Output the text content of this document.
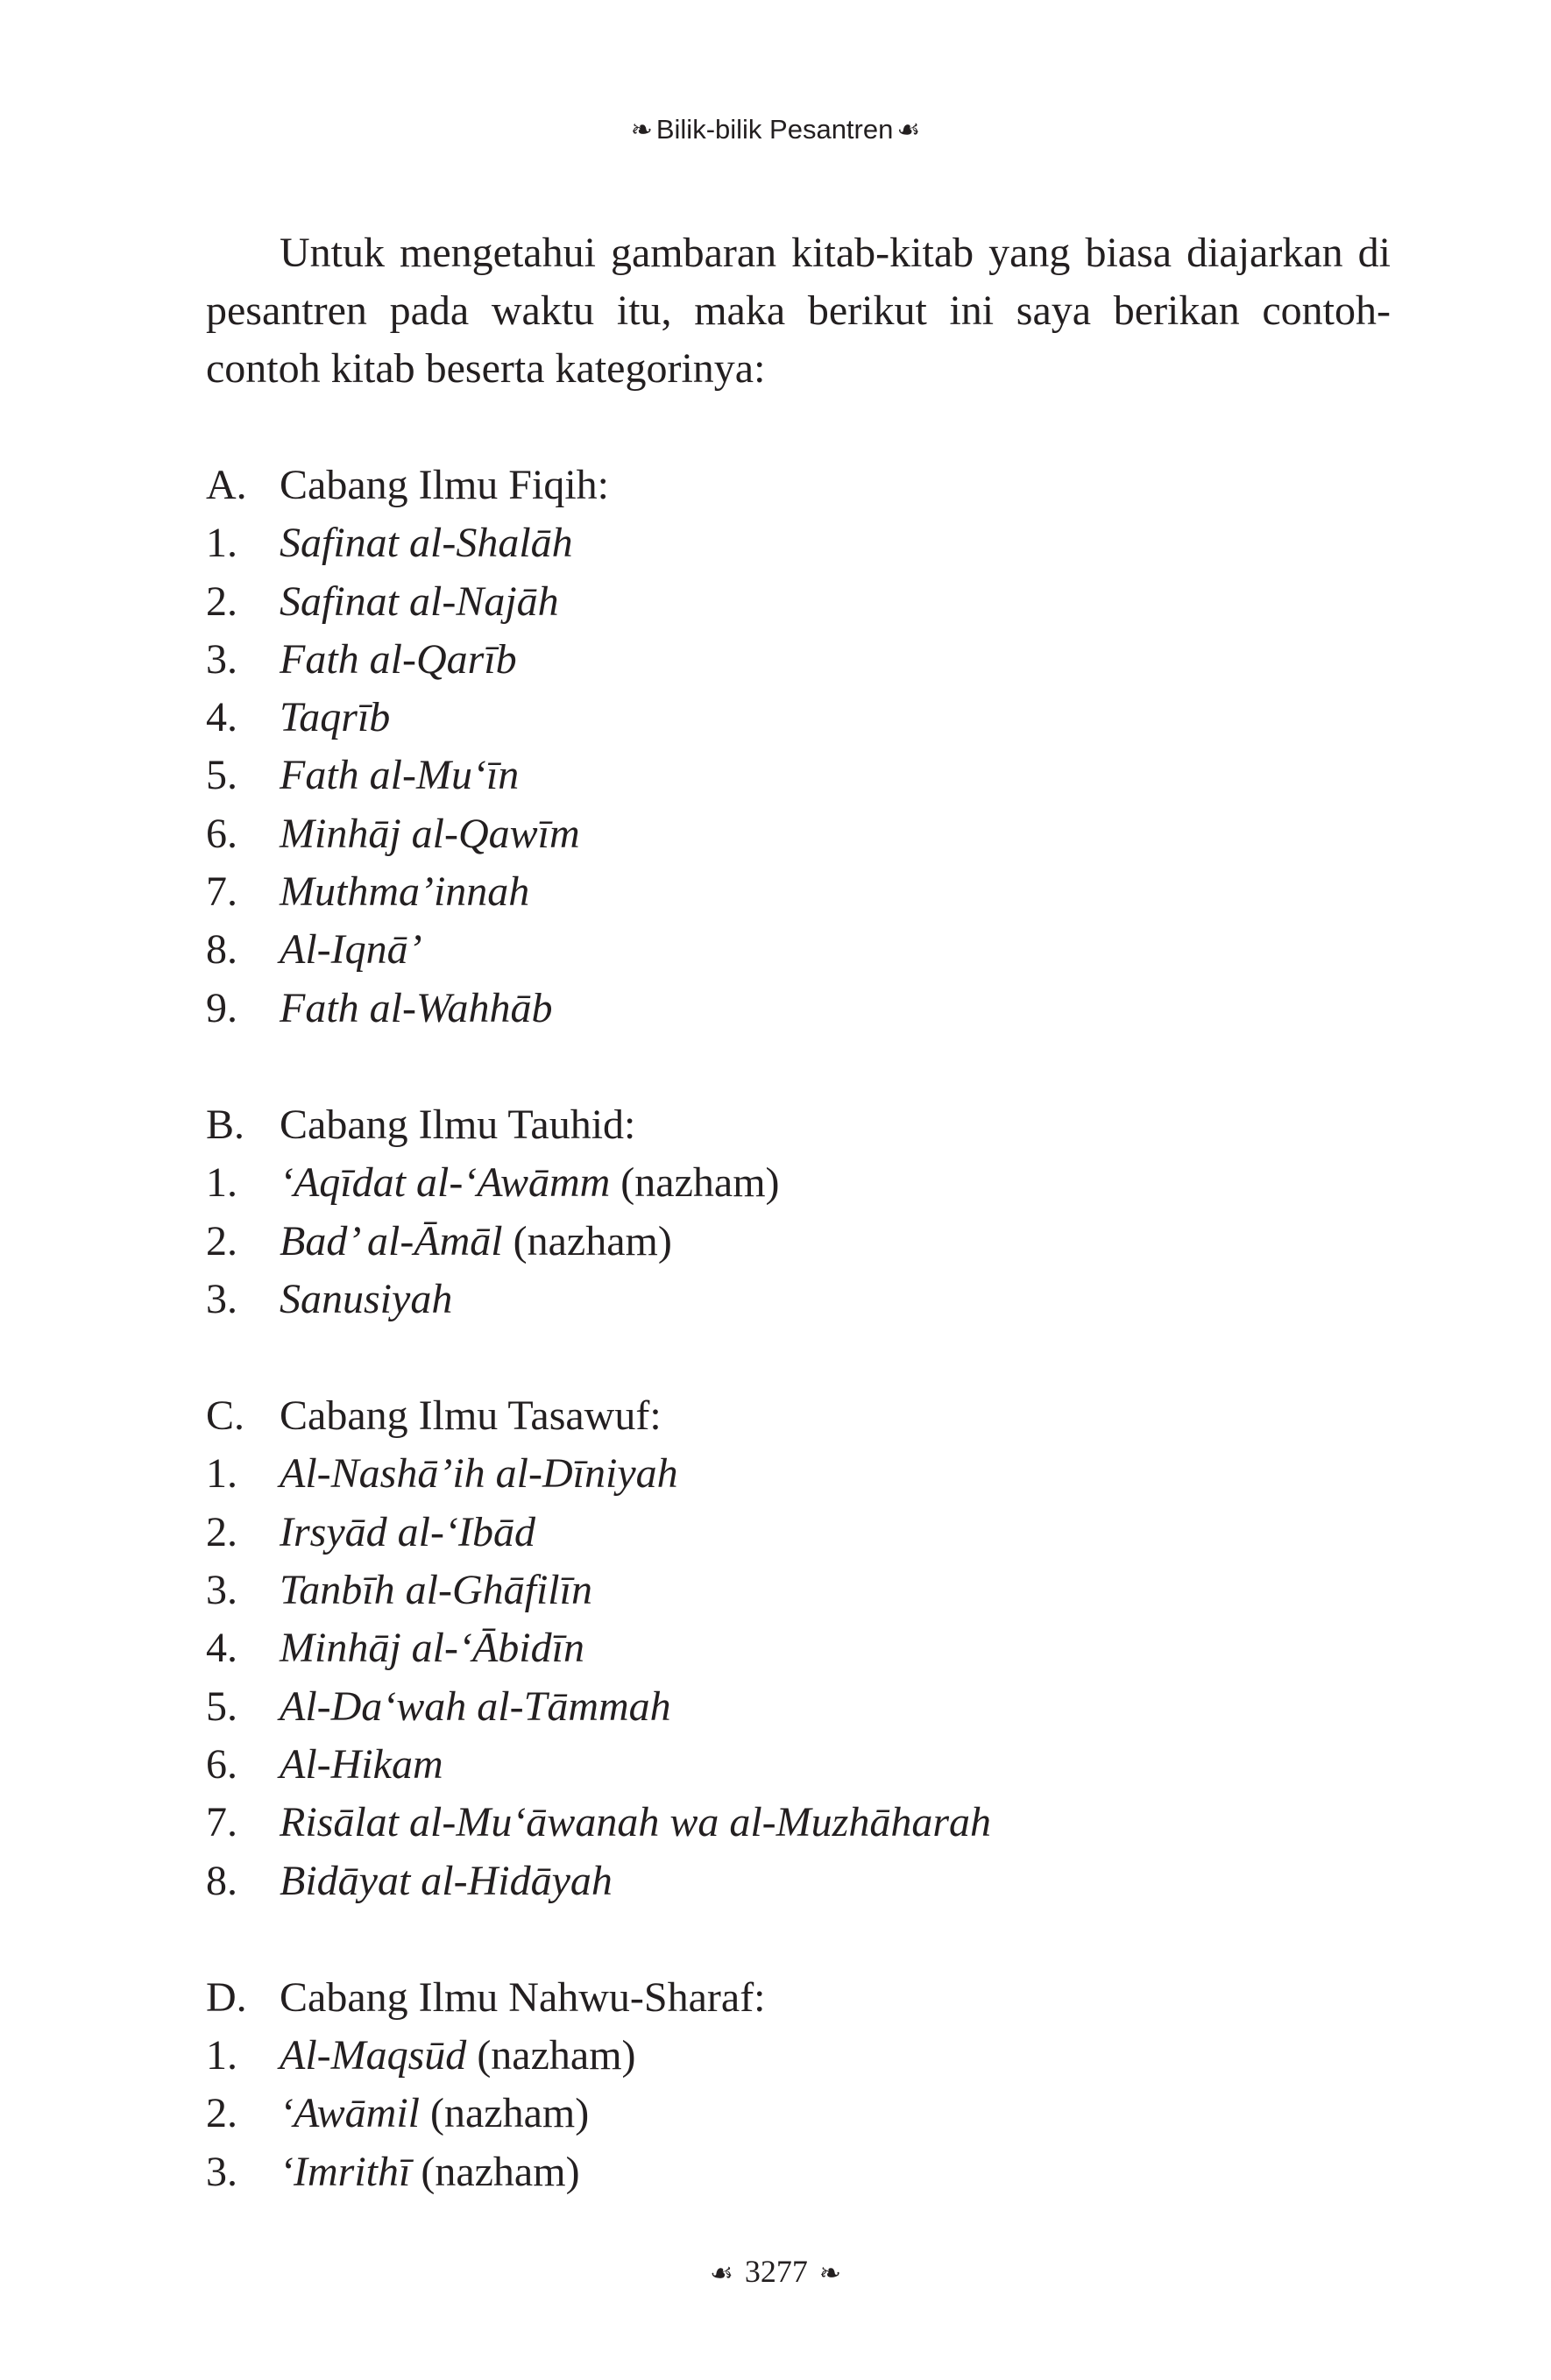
❧ Bilik-bilik Pesantren ☙

Untuk mengetahui gambaran kitab-kitab yang biasa diajarkan di pesantren pada waktu itu, maka berikut ini saya berikan contoh-contoh kitab beserta kategorinya:

A. Cabang Ilmu Fiqih:
1.	Safinat al-Shalāh
2.	Safinat al-Najāh
3.	Fath al-Qarīb
4.	Taqrīb
5.	Fath al-Mu‘īn
6.	Minhāj al-Qawīm
7.	Muthma’innah
8.	Al-Iqnā’
9.	Fath al-Wahhāb
B. Cabang Ilmu Tauhid:
1.	‘Aqīdat al-‘Awāmm (nazham)
2.	Bad’ al-Āmāl (nazham)
3.	Sanusiyah
C. Cabang Ilmu Tasawuf:
1.	Al-Nashā’ih al-Dīniyah
2.	Irsyād al-‘Ibād
3.	Tanbīh al-Ghāfilīn
4.	Minhāj al-‘Ābidīn
5.	Al-Da‘wah al-Tāmmah
6.	Al-Hikam
7.	Risālat al-Mu‘āwanah wa al-Muzhāharah
8.	Bidāyat al-Hidāyah
D. Cabang Ilmu Nahwu-Sharaf:
1.	Al-Maqsūd (nazham)
2.	‘Awāmil (nazham)
3.	‘Imrithī (nazham)
☙ 3277 ❧
